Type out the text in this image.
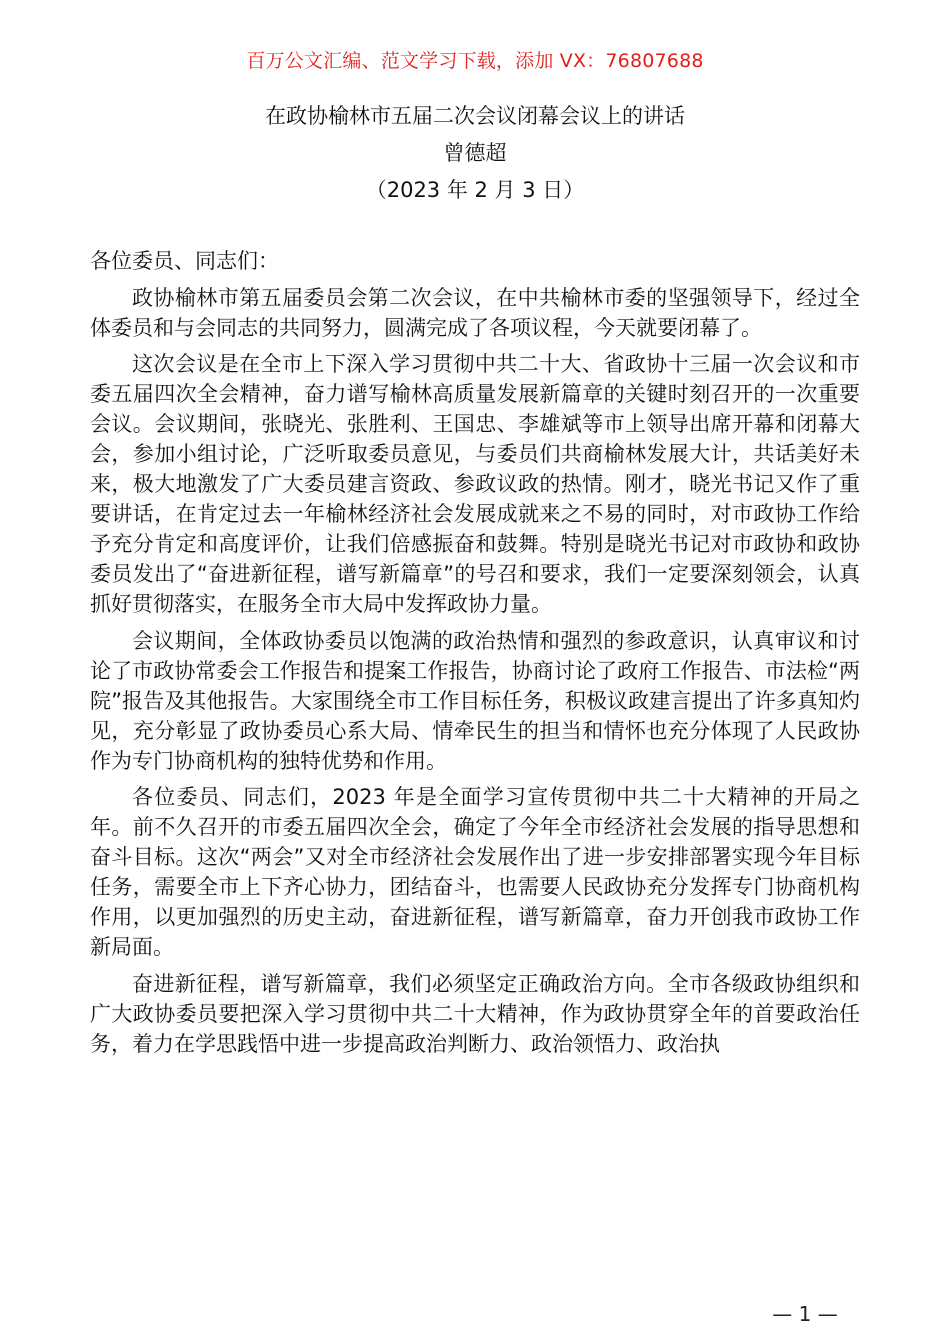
百万公文汇编、范文学习下载，添加 VX：76807688
在政协榆林市五届二次会议闭幕会议上的讲话
曾德超
（2023 年 2 月 3 日）

各位委员、同志们：

政协榆林市第五届委员会第二次会议，在中共榆林市委的坚强领导下，经过全体委员和与会同志的共同努力，圆满完成了各项议程，今天就要闭幕了。

这次会议是在全市上下深入学习贯彻中共二十大、省政协十三届一次会议和市委五届四次全会精神，奋力谱写榆林高质量发展新篇章的关键时刻召开的一次重要会议。会议期间，张晓光、张胜利、王国忠、李雄斌等市上领导出席开幕和闭幕大会，参加小组讨论，广泛听取委员意见，与委员们共商榆林发展大计，共话美好未来，极大地激发了广大委员建言资政、参政议政的热情。刚才，晓光书记又作了重要讲话，在肯定过去一年榆林经济社会发展成就来之不易的同时，对市政协工作给予充分肯定和高度评价，让我们倍感振奋和鼓舞。特别是晓光书记对市政协和政协委员发出了“奋进新征程，谱写新篇章”的号召和要求，我们一定要深刻领会，认真抓好贯彻落实，在服务全市大局中发挥政协力量。

会议期间，全体政协委员以饱满的政治热情和强烈的参政意识，认真审议和讨论了市政协常委会工作报告和提案工作报告，协商讨论了政府工作报告、市法检“两院”报告及其他报告。大家围绕全市工作目标任务，积极议政建言提出了许多真知灼见，充分彰显了政协委员心系大局、情牵民生的担当和情怀也充分体现了人民政协作为专门协商机构的独特优势和作用。

各位委员、同志们，2023 年是全面学习宣传贯彻中共二十大精神的开局之年。前不久召开的市委五届四次全会，确定了今年全市经济社会发展的指导思想和奋斗目标。这次“两会”又对全市经济社会发展作出了进一步安排部署实现今年目标任务，需要全市上下齐心协力，团结奋斗，也需要人民政协充分发挥专门协商机构作用，以更加强烈的历史主动，奋进新征程，谱写新篇章，奋力开创我市政协工作新局面。

奋进新征程，谱写新篇章，我们必须坚定正确政治方向。全市各级政协组织和广大政协委员要把深入学习贯彻中共二十大精神，作为政协贯穿全年的首要政治任务，着力在学思践悟中进一步提高政治判断力、政治领悟力、政治执

— 1 —
